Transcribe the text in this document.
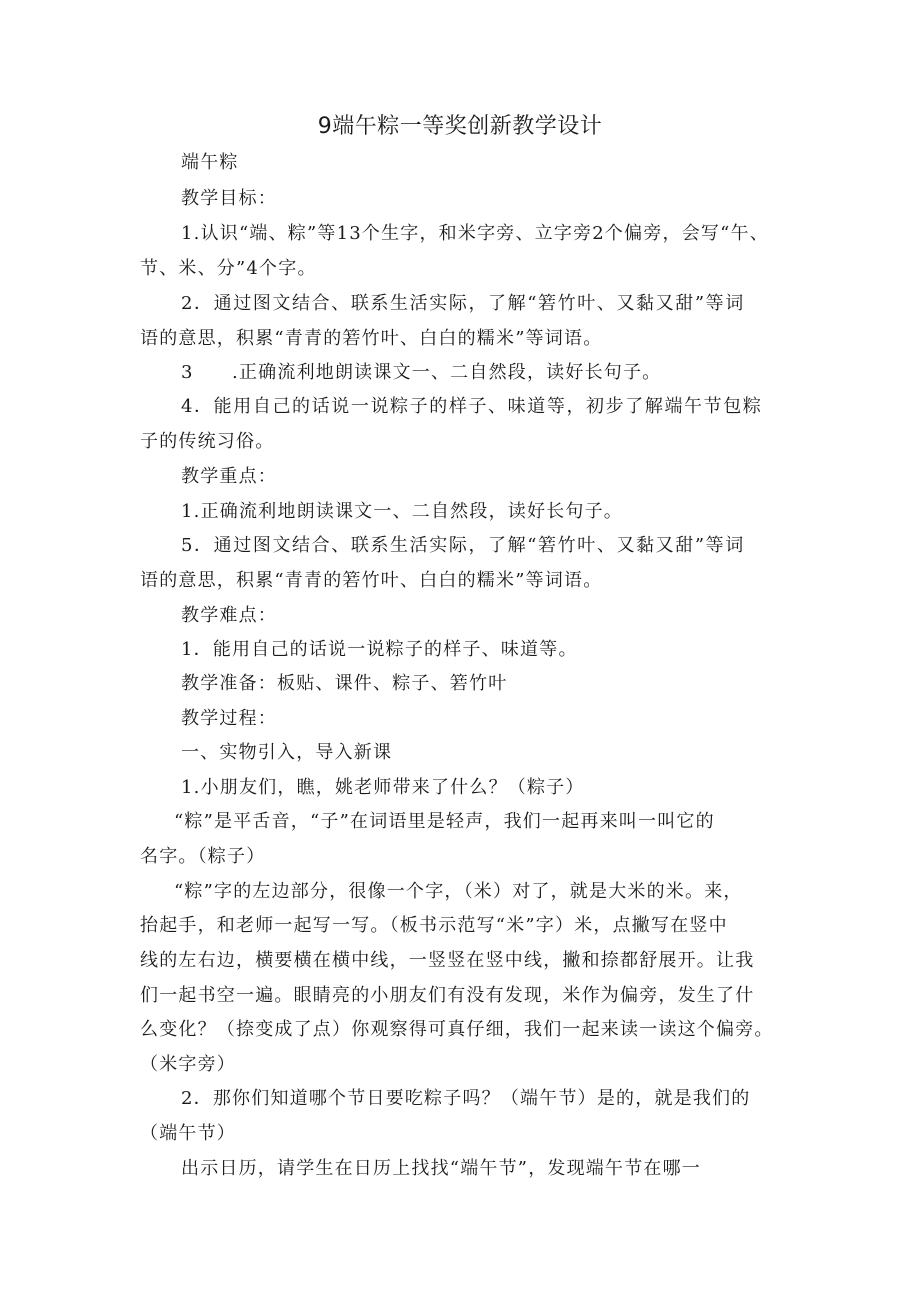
9端午粽一等奖创新教学设计

端午粽

教学目标：

1.认识“端、粽”等13个生字，和米字旁、立字旁2个偏旁，会写“午、

节、米、分”4个字。

2．通过图文结合、联系生活实际，了解“箬竹叶、又黏又甜”等词

语的意思，积累“青青的箬竹叶、白白的糯米”等词语。

3　　.正确流利地朗读课文一、二自然段，读好长句子。

4．能用自己的话说一说粽子的样子、味道等，初步了解端午节包粽

子的传统习俗。

教学重点：

1.正确流利地朗读课文一、二自然段，读好长句子。

5．通过图文结合、联系生活实际，了解“箬竹叶、又黏又甜”等词

语的意思，积累“青青的箬竹叶、白白的糯米”等词语。

教学难点：

1．能用自己的话说一说粽子的样子、味道等。

教学准备：板贴、课件、粽子、箬竹叶

教学过程：

一、实物引入，导入新课

1.小朋友们，瞧，姚老师带来了什么？（粽子）

“粽”是平舌音，“子”在词语里是轻声，我们一起再来叫一叫它的

名字。（粽子）

“粽”字的左边部分，很像一个字，（米）对了，就是大米的米。来，

抬起手，和老师一起写一写。（板书示范写“米”字）米，点撇写在竖中

线的左右边，横要横在横中线，一竖竖在竖中线，撇和捺都舒展开。让我

们一起书空一遍。眼睛亮的小朋友们有没有发现，米作为偏旁，发生了什

么变化？（捺变成了点）你观察得可真仔细，我们一起来读一读这个偏旁。

（米字旁）

2．那你们知道哪个节日要吃粽子吗？（端午节）是的，就是我们的

（端午节）

出示日历，请学生在日历上找找“端午节”，发现端午节在哪一
